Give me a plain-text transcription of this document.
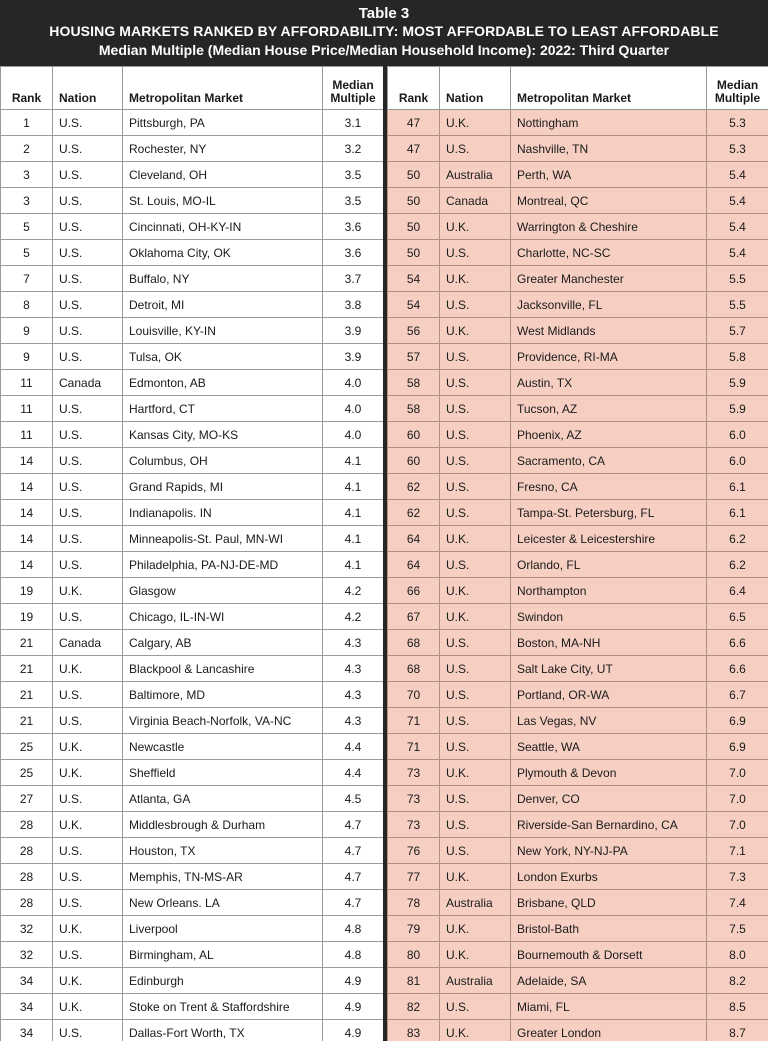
Table 3
HOUSING MARKETS RANKED BY AFFORDABILITY: MOST AFFORDABLE TO LEAST AFFORDABLE
Median Multiple (Median House Price/Median Household Income): 2022: Third Quarter
Rank	Nation	Metropolitan Market	Median
Multiple
1	U.S.	Pittsburgh, PA	3.1
2	U.S.	Rochester, NY	3.2
3	U.S.	Cleveland, OH	3.5
3	U.S.	St. Louis, MO-IL	3.5
5	U.S.	Cincinnati, OH-KY-IN	3.6
5	U.S.	Oklahoma City, OK	3.6
7	U.S.	Buffalo, NY	3.7
8	U.S.	Detroit, MI	3.8
9	U.S.	Louisville, KY-IN	3.9
9	U.S.	Tulsa, OK	3.9
11	Canada	Edmonton, AB	4.0
11	U.S.	Hartford, CT	4.0
11	U.S.	Kansas City, MO-KS	4.0
14	U.S.	Columbus, OH	4.1
14	U.S.	Grand Rapids, MI	4.1
14	U.S.	Indianapolis. IN	4.1
14	U.S.	Minneapolis-St. Paul, MN-WI	4.1
14	U.S.	Philadelphia, PA-NJ-DE-MD	4.1
19	U.K.	Glasgow	4.2
19	U.S.	Chicago, IL-IN-WI	4.2
21	Canada	Calgary, AB	4.3
21	U.K.	Blackpool & Lancashire	4.3
21	U.S.	Baltimore, MD	4.3
21	U.S.	Virginia Beach-Norfolk, VA-NC	4.3
25	U.K.	Newcastle	4.4
25	U.K.	Sheffield	4.4
27	U.S.	Atlanta, GA	4.5
28	U.K.	Middlesbrough & Durham	4.7
28	U.S.	Houston, TX	4.7
28	U.S.	Memphis, TN-MS-AR	4.7
28	U.S.	New Orleans. LA	4.7
32	U.K.	Liverpool	4.8
32	U.S.	Birmingham, AL	4.8
34	U.K.	Edinburgh	4.9
34	U.K.	Stoke on Trent & Staffordshire	4.9
34	U.S.	Dallas-Fort Worth, TX	4.9
Rank	Nation	Metropolitan Market	Median
Multiple
47	U.K.	Nottingham	5.3
47	U.S.	Nashville, TN	5.3
50	Australia	Perth, WA	5.4
50	Canada	Montreal, QC	5.4
50	U.K.	Warrington & Cheshire	5.4
50	U.S.	Charlotte, NC-SC	5.4
54	U.K.	Greater Manchester	5.5
54	U.S.	Jacksonville, FL	5.5
56	U.K.	West Midlands	5.7
57	U.S.	Providence, RI-MA	5.8
58	U.S.	Austin, TX	5.9
58	U.S.	Tucson, AZ	5.9
60	U.S.	Phoenix, AZ	6.0
60	U.S.	Sacramento, CA	6.0
62	U.S.	Fresno, CA	6.1
62	U.S.	Tampa-St. Petersburg, FL	6.1
64	U.K.	Leicester & Leicestershire	6.2
64	U.S.	Orlando, FL	6.2
66	U.K.	Northampton	6.4
67	U.K.	Swindon	6.5
68	U.S.	Boston, MA-NH	6.6
68	U.S.	Salt Lake City, UT	6.6
70	U.S.	Portland, OR-WA	6.7
71	U.S.	Las Vegas, NV	6.9
71	U.S.	Seattle, WA	6.9
73	U.K.	Plymouth & Devon	7.0
73	U.S.	Denver, CO	7.0
73	U.S.	Riverside-San Bernardino, CA	7.0
76	U.S.	New York, NY-NJ-PA	7.1
77	U.K.	London Exurbs	7.3
78	Australia	Brisbane, QLD	7.4
79	U.K.	Bristol-Bath	7.5
80	U.K.	Bournemouth & Dorsett	8.0
81	Australia	Adelaide, SA	8.2
82	U.S.	Miami, FL	8.5
83	U.K.	Greater London	8.7
